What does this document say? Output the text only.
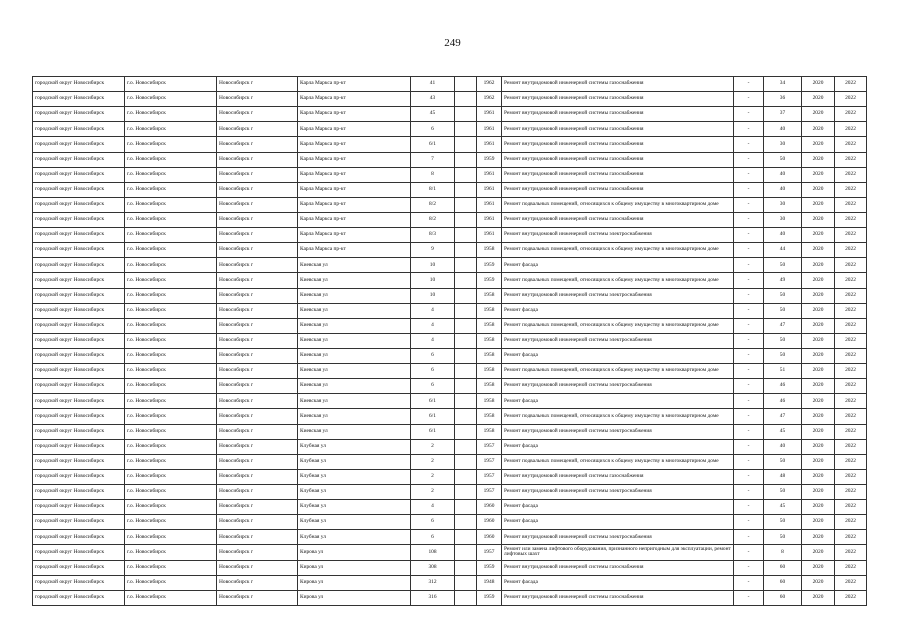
249
городской округ Новосибирск	г.о. Новосибирск	Новосибирск г	Карла Маркса пр-кт	41		1962	Ремонт внутридомовой инженерной системы газоснабжения	-	34	2020	2022
городской округ Новосибирск	г.о. Новосибирск	Новосибирск г	Карла Маркса пр-кт	43		1962	Ремонт внутридомовой инженерной системы газоснабжения	-	36	2020	2022
городской округ Новосибирск	г.о. Новосибирск	Новосибирск г	Карла Маркса пр-кт	45		1961	Ремонт внутридомовой инженерной системы газоснабжения	-	37	2020	2022
городской округ Новосибирск	г.о. Новосибирск	Новосибирск г	Карла Маркса пр-кт	6		1961	Ремонт внутридомовой инженерной системы газоснабжения	-	40	2020	2022
городской округ Новосибирск	г.о. Новосибирск	Новосибирск г	Карла Маркса пр-кт	6/1		1961	Ремонт внутридомовой инженерной системы газоснабжения	-	30	2020	2022
городской округ Новосибирск	г.о. Новосибирск	Новосибирск г	Карла Маркса пр-кт	7		1959	Ремонт внутридомовой инженерной системы газоснабжения	-	50	2020	2022
городской округ Новосибирск	г.о. Новосибирск	Новосибирск г	Карла Маркса пр-кт	8		1961	Ремонт внутридомовой инженерной системы газоснабжения	-	40	2020	2022
городской округ Новосибирск	г.о. Новосибирск	Новосибирск г	Карла Маркса пр-кт	8/1		1961	Ремонт внутридомовой инженерной системы газоснабжения	-	40	2020	2022
городской округ Новосибирск	г.о. Новосибирск	Новосибирск г	Карла Маркса пр-кт	8/2		1961	Ремонт подвальных помещений, относящихся к общему имуществу в многоквартирном доме	-	30	2020	2022
городской округ Новосибирск	г.о. Новосибирск	Новосибирск г	Карла Маркса пр-кт	8/2		1961	Ремонт внутридомовой инженерной системы газоснабжения	-	30	2020	2022
городской округ Новосибирск	г.о. Новосибирск	Новосибирск г	Карла Маркса пр-кт	8/3		1961	Ремонт внутридомовой инженерной системы электроснабжения	-	40	2020	2022
городской округ Новосибирск	г.о. Новосибирск	Новосибирск г	Карла Маркса пр-кт	9		1958	Ремонт подвальных помещений, относящихся к общему имуществу в многоквартирном доме	-	44	2020	2022
городской округ Новосибирск	г.о. Новосибирск	Новосибирск г	Киевская ул	10		1959	Ремонт фасада	-	50	2020	2022
городской округ Новосибирск	г.о. Новосибирск	Новосибирск г	Киевская ул	10		1959	Ремонт подвальных помещений, относящихся к общему имуществу в многоквартирном доме	-	49	2020	2022
городской округ Новосибирск	г.о. Новосибирск	Новосибирск г	Киевская ул	10		1958	Ремонт внутридомовой инженерной системы электроснабжения	-	50	2020	2022
городской округ Новосибирск	г.о. Новосибирск	Новосибирск г	Киевская ул	4		1958	Ремонт фасада	-	50	2020	2022
городской округ Новосибирск	г.о. Новосибирск	Новосибирск г	Киевская ул	4		1958	Ремонт подвальных помещений, относящихся к общему имуществу в многоквартирном доме	-	47	2020	2022
городской округ Новосибирск	г.о. Новосибирск	Новосибирск г	Киевская ул	4		1958	Ремонт внутридомовой инженерной системы электроснабжения	-	50	2020	2022
городской округ Новосибирск	г.о. Новосибирск	Новосибирск г	Киевская ул	6		1958	Ремонт фасада	-	50	2020	2022
городской округ Новосибирск	г.о. Новосибирск	Новосибирск г	Киевская ул	6		1958	Ремонт подвальных помещений, относящихся к общему имуществу в многоквартирном доме	-	51	2020	2022
городской округ Новосибирск	г.о. Новосибирск	Новосибирск г	Киевская ул	6		1958	Ремонт внутридомовой инженерной системы электроснабжения	-	46	2020	2022
городской округ Новосибирск	г.о. Новосибирск	Новосибирск г	Киевская ул	6/1		1958	Ремонт фасада	-	46	2020	2022
городской округ Новосибирск	г.о. Новосибирск	Новосибирск г	Киевская ул	6/1		1958	Ремонт подвальных помещений, относящихся к общему имуществу в многоквартирном доме	-	47	2020	2022
городской округ Новосибирск	г.о. Новосибирск	Новосибирск г	Киевская ул	6/1		1958	Ремонт внутридомовой инженерной системы электроснабжения	-	45	2020	2022
городской округ Новосибирск	г.о. Новосибирск	Новосибирск г	Клубная ул	2		1957	Ремонт фасада	-	40	2020	2022
городской округ Новосибирск	г.о. Новосибирск	Новосибирск г	Клубная ул	2		1957	Ремонт подвальных помещений, относящихся к общему имуществу в многоквартирном доме	-	50	2020	2022
городской округ Новосибирск	г.о. Новосибирск	Новосибирск г	Клубная ул	2		1957	Ремонт внутридомовой инженерной системы газоснабжения	-	48	2020	2022
городской округ Новосибирск	г.о. Новосибирск	Новосибирск г	Клубная ул	2		1957	Ремонт внутридомовой инженерной системы электроснабжения	-	50	2020	2022
городской округ Новосибирск	г.о. Новосибирск	Новосибирск г	Клубная ул	4		1960	Ремонт фасада	-	45	2020	2022
городской округ Новосибирск	г.о. Новосибирск	Новосибирск г	Клубная ул	6		1960	Ремонт фасада	-	50	2020	2022
городской округ Новосибирск	г.о. Новосибирск	Новосибирск г	Клубная ул	6		1960	Ремонт внутридомовой инженерной системы электроснабжения	-	50	2020	2022
городской округ Новосибирск	г.о. Новосибирск	Новосибирск г	Кирова ул	108		1957	Ремонт или замена лифтового оборудования, признанного непригодным для эксплуатации, ремонт лифтовых шахт	-	8	2020	2022
городской округ Новосибирск	г.о. Новосибирск	Новосибирск г	Кирова ул	308		1959	Ремонт внутридомовой инженерной системы газоснабжения	-	60	2020	2022
городской округ Новосибирск	г.о. Новосибирск	Новосибирск г	Кирова ул	312		1948	Ремонт фасада	-	60	2020	2022
городской округ Новосибирск	г.о. Новосибирск	Новосибирск г	Кирова ул	316		1959	Ремонт внутридомовой инженерной системы газоснабжения	-	60	2020	2022
